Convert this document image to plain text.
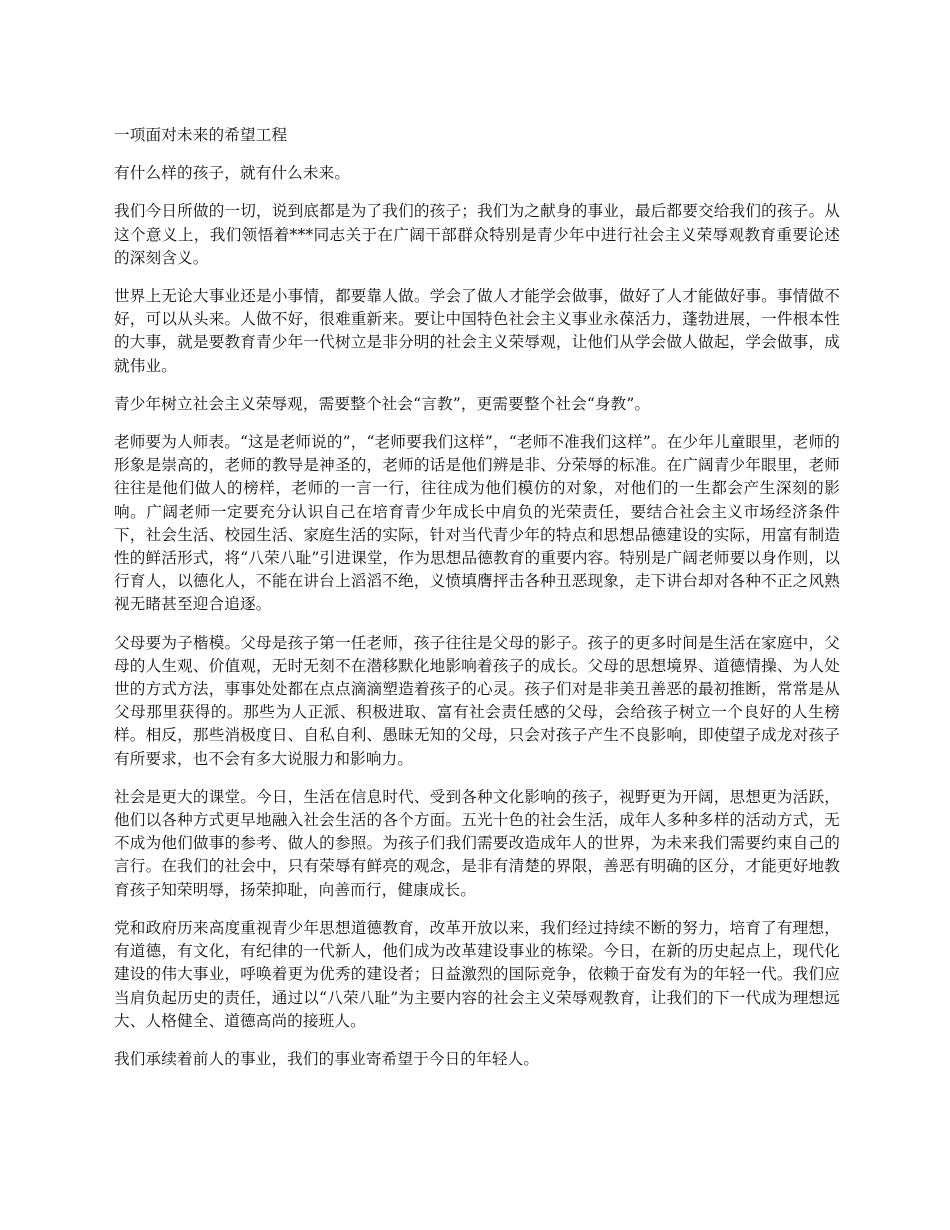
一项面对未来的希望工程

有什么样的孩子，就有什么未来。

我们今日所做的一切，说到底都是为了我们的孩子；我们为之献身的事业，最后都要交给我们的孩子。从这个意义上，我们领悟着***同志关于在广阔干部群众特别是青少年中进行社会主义荣辱观教育重要论述的深刻含义。

世界上无论大事业还是小事情，都要靠人做。学会了做人才能学会做事，做好了人才能做好事。事情做不好，可以从头来。人做不好，很难重新来。要让中国特色社会主义事业永葆活力，蓬勃进展，一件根本性的大事，就是要教育青少年一代树立是非分明的社会主义荣辱观，让他们从学会做人做起，学会做事，成就伟业。

青少年树立社会主义荣辱观，需要整个社会“言教”，更需要整个社会“身教”。

老师要为人师表。“这是老师说的”，“老师要我们这样”，“老师不准我们这样”。在少年儿童眼里，老师的形象是崇高的，老师的教导是神圣的，老师的话是他们辨是非、分荣辱的标准。在广阔青少年眼里，老师往往是他们做人的榜样，老师的一言一行，往往成为他们模仿的对象，对他们的一生都会产生深刻的影响。广阔老师一定要充分认识自己在培育青少年成长中肩负的光荣责任，要结合社会主义市场经济条件下，社会生活、校园生活、家庭生活的实际，针对当代青少年的特点和思想品德建设的实际，用富有制造性的鲜活形式，将“八荣八耻”引进课堂，作为思想品德教育的重要内容。特别是广阔老师要以身作则，以行育人，以德化人，不能在讲台上滔滔不绝，义愤填膺抨击各种丑恶现象，走下讲台却对各种不正之风熟视无睹甚至迎合追逐。

父母要为子楷模。父母是孩子第一任老师，孩子往往是父母的影子。孩子的更多时间是生活在家庭中，父母的人生观、价值观，无时无刻不在潜移默化地影响着孩子的成长。父母的思想境界、道德情操、为人处世的方式方法，事事处处都在点点滴滴塑造着孩子的心灵。孩子们对是非美丑善恶的最初推断，常常是从父母那里获得的。那些为人正派、积极进取、富有社会责任感的父母，会给孩子树立一个良好的人生榜样。相反，那些消极度日、自私自利、愚昧无知的父母，只会对孩子产生不良影响，即使望子成龙对孩子有所要求，也不会有多大说服力和影响力。

社会是更大的课堂。今日，生活在信息时代、受到各种文化影响的孩子，视野更为开阔，思想更为活跃，他们以各种方式更早地融入社会生活的各个方面。五光十色的社会生活，成年人多种多样的活动方式，无不成为他们做事的参考、做人的参照。为孩子们我们需要改造成年人的世界，为未来我们需要约束自己的言行。在我们的社会中，只有荣辱有鲜亮的观念，是非有清楚的界限，善恶有明确的区分，才能更好地教育孩子知荣明辱，扬荣抑耻，向善而行，健康成长。

党和政府历来高度重视青少年思想道德教育，改革开放以来，我们经过持续不断的努力，培育了有理想，有道德，有文化，有纪律的一代新人，他们成为改革建设事业的栋梁。今日，在新的历史起点上，现代化建设的伟大事业，呼唤着更为优秀的建设者；日益激烈的国际竞争，依赖于奋发有为的年轻一代。我们应当肩负起历史的责任，通过以“八荣八耻”为主要内容的社会主义荣辱观教育，让我们的下一代成为理想远大、人格健全、道德高尚的接班人。

我们承续着前人的事业，我们的事业寄希望于今日的年轻人。
